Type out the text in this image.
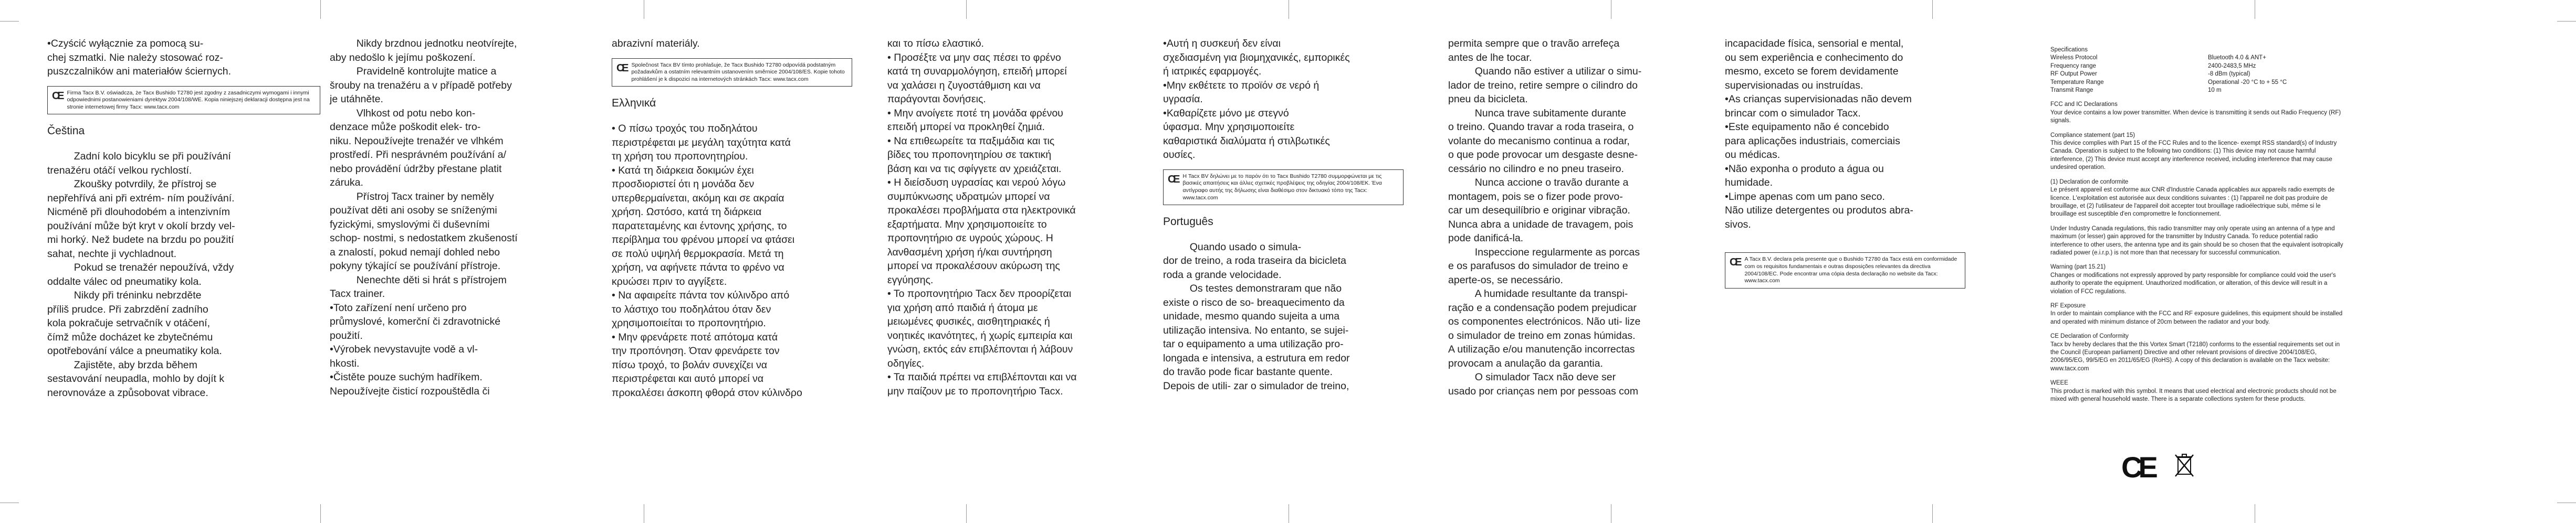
•Czyścić wyłącznie za pomocą su-

chej szmatki. Nie należy stosować roz-

puszczalników ani materiałów ściernych.

C E Firma Tacx B.V. oświadcza, że Tacx Bushido T2780 jest zgodny z zasadniczymi wymogami i innymi odpowiednimi postanowieniami dyrektyw 2004/108/WE. Kopia niniejszej deklaracji dostępna jest na stronie internetowej firmy Tacx: www.tacx.com
Čeština

Zadní kolo bicyklu se při používání

trenažéru otáčí velkou rychlostí.

Zkoušky potvrdily, že přístroj se

nepřehřívá ani při extrém- ním používání.

Nicméně při dlouhodobém a intenzivním

používání může být kryt v okolí brzdy vel-

mi horký. Než budete na brzdu po použití

sahat, nechte ji vychladnout.

Pokud se trenažér nepoužívá, vždy

oddalte válec od pneumatiky kola.

Nikdy při tréninku nebrzděte

příliš prudce. Při zabrzdění zadního

kola pokračuje setrvačník v otáčení,

čímž může docházet ke zbytečnému

opotřebování válce a pneumatiky kola.

Zajistěte, aby brzda během

sestavování neupadla, mohlo by dojít k

nerovnováze a způsobovat vibrace.

Nikdy brzdnou jednotku neotvírejte,

aby nedošlo k jejímu poškození.

Pravidelně kontrolujte matice a

šrouby na trenažéru a v případě potřeby

je utáhněte.

Vlhkost od potu nebo kon-

denzace může poškodit elek- tro-

niku. Nepoužívejte trenažér ve vlhkém

prostředí. Při nesprávném používání a/

nebo provádění údržby přestane platit

záruka.

Přístroj Tacx trainer by neměly

používat děti ani osoby se sníženými

fyzickými, smyslovými či duševními

schop- nostmi, s nedostatkem zkušeností

a znalostí, pokud nemají dohled nebo

pokyny týkající se používání přístroje.

Nenechte děti si hrát s přístrojem

Tacx trainer.

•Toto zařízení není určeno pro

průmyslové, komerční či zdravotnické

použití.

•Výrobek nevystavujte vodě a vl-

hkosti.

•Čistěte pouze suchým hadříkem.

Nepoužívejte čisticí rozpouštědla či

abrazivní materiály.

C E Společnost Tacx BV tímto prohlašuje, že Tacx Bushido T2780 odpovídá podstatným požadavkům a ostatním relevantním ustanovením směrnice 2004/108/ES. Kopie tohoto prohlášení je k dispozici na internetových stránkách Tacx: www.tacx.com
Ελληνικά

• Ο πίσω τροχός του ποδηλάτου

περιστρέφεται με μεγάλη ταχύτητα κατά

τη χρήση του προπονητηρίου.

• Κατά τη διάρκεια δοκιμών έχει

προσδιοριστεί ότι η μονάδα δεν

υπερθερμαίνεται, ακόμη και σε ακραία

χρήση. Ωστόσο, κατά τη διάρκεια

παρατεταμένης και έντονης χρήσης, το

περίβλημα του φρένου μπορεί να φτάσει

σε πολύ υψηλή θερμοκρασία. Μετά τη

χρήση, να αφήνετε πάντα το φρένο να

κρυώσει πριν το αγγίξετε.

• Να αφαιρείτε πάντα τον κύλινδρο από

το λάστιχο του ποδηλάτου όταν δεν

χρησιμοποιείται το προπονητήριο.

• Μην φρενάρετε ποτέ απότομα κατά

την προπόνηση. Όταν φρενάρετε τον

πίσω τροχό, το βολάν συνεχίζει να

περιστρέφεται και αυτό μπορεί να

προκαλέσει άσκοπη φθορά στον κύλινδρο

και το πίσω ελαστικό.

• Προσέξτε να μην σας πέσει το φρένο

κατά τη συναρμολόγηση, επειδή μπορεί

να χαλάσει η ζυγοστάθμιση και να

παράγονται δονήσεις.

• Μην ανοίγετε ποτέ τη μονάδα φρένου

επειδή μπορεί να προκληθεί ζημιά.

• Να επιθεωρείτε τα παξιμάδια και τις

βίδες του προπονητηρίου σε τακτική

βάση και να τις σφίγγετε αν χρειάζεται.

• Η διείσδυση υγρασίας και νερού λόγω

συμπύκνωσης υδρατμών μπορεί να

προκαλέσει προβλήματα στα ηλεκτρονικά

εξαρτήματα. Μην χρησιμοποιείτε το

προπονητήριο σε υγρούς χώρους. Η

λανθασμένη χρήση ή/και συντήρηση

μπορεί να προκαλέσουν ακύρωση της

εγγύησης.

• Το προπονητήριο Tacx δεν προορίζεται

για χρήση από παιδιά ή άτομα με

μειωμένες φυσικές, αισθητηριακές ή

νοητικές ικανότητες, ή χωρίς εμπειρία και

γνώση, εκτός εάν επιβλέπονται ή λάβουν

οδηγίες.

• Τα παιδιά πρέπει να επιβλέπονται και να

μην παίζουν με το προπονητήριο Tacx.

•Αυτή η συσκευή δεν είναι

σχεδιασμένη για βιομηχανικές, εμπορικές

ή ιατρικές εφαρμογές.

•Μην εκθέτετε το προϊόν σε νερό ή

υγρασία.

•Καθαρίζετε μόνο με στεγνό

ύφασμα. Μην χρησιμοποιείτε

καθαριστικά διαλύματα ή στιλβωτικές

ουσίες.

C E Η Tacx BV δηλώνει με το παρόν ότι το Tacx Bushido T2780 συμμορφώνεται με τις βασικές απαιτήσεις και άλλες σχετικές προβλέψεις της οδηγίας 2004/108/ΕΚ. Ένα αντίγραφο αυτής της δήλωσης είναι διαθέσιμο στον δικτυακό τόπο της Tacx: www.tacx.com
Português

Quando usado o simula-

dor de treino, a roda traseira da bicicleta

roda a grande velocidade.

Os testes demonstraram que não

existe o risco de so- breaquecimento da

unidade, mesmo quando sujeita a uma

utilização intensiva. No entanto, se sujei-

tar o equipamento a uma utilização pro-

longada e intensiva, a estrutura em redor

do travão pode ficar bastante quente.

Depois de utili- zar o simulador de treino,

permita sempre que o travão arrefeça

antes de lhe tocar.

Quando não estiver a utilizar o simu-

lador de treino, retire sempre o cilindro do

pneu da bicicleta.

Nunca trave subitamente durante

o treino. Quando travar a roda traseira, o

volante do mecanismo continua a rodar,

o que pode provocar um desgaste desne-

cessário no cilindro e no pneu traseiro.

Nunca accione o travão durante a

montagem, pois se o fizer pode provo-

car um desequilíbrio e originar vibração.

Nunca abra a unidade de travagem, pois

pode danificá-la.

Inspeccione regularmente as porcas

e os parafusos do simulador de treino e

aperte-os, se necessário.

A humidade resultante da transpi-

ração e a condensação podem prejudicar

os componentes electrónicos. Não uti- lize

o simulador de treino em zonas húmidas.

A utilização e/ou manutenção incorrectas

provocam a anulação da garantia.

O simulador Tacx não deve ser

usado por crianças nem por pessoas com

incapacidade física, sensorial e mental,

ou sem experiência e conhecimento do

mesmo, exceto se forem devidamente

supervisionadas ou instruídas.

•As crianças supervisionadas não devem

brincar com o simulador Tacx.

•Este equipamento não é concebido

para aplicações industriais, comerciais

ou médicas.

•Não exponha o produto a água ou

humidade.

•Limpe apenas com um pano seco.

Não utilize detergentes ou produtos abra-

sivos.

C E A Tacx B.V. declara pela presente que o Bushido T2780 da Tacx está em conformidade com os requisitos fundamentais e outras disposições relevantes da directiva 2004/108/EC. Pode encontrar uma cópia desta declaração no website da Tacx: www.tacx.com

Specifications

Wireless Protocol	Bluetooth 4.0 & ANT+
Frequency range	2400-2483,5 MHz
RF Output Power	-8 dBm (typical)
Temperature Range	Operational -20 °C to + 55 °C
Transmit Range	10 m

FCC and IC Declarations

Your device contains a low power transmitter. When device is transmitting it sends out Radio Frequency (RF) signals.

Compliance statement (part 15)

This device complies with Part 15 of the FCC Rules and to the licence- exempt RSS standard(s) of Industry Canada. Operation is subject to the following two conditions: (1) This device may not cause harmful interference, (2) This device must accept any interference received, including interference that may cause undesired operation.

(1) Declaration de conformite

Le présent appareil est conforme aux CNR d'Industrie Canada applicables aux appareils radio exempts de licence. L'exploitation est autorisée aux deux conditions suivantes : (1) l'appareil ne doit pas produire de brouillage, et (2) l'utilisateur de l'appareil doit accepter tout brouillage radioélectrique subi, même si le brouillage est susceptible d'en compromettre le fonctionnement.

Under Industry Canada regulations, this radio transmitter may only operate using an antenna of a type and maximum (or lesser) gain approved for the transmitter by Industry Canada. To reduce potential radio interference to other users, the antenna type and its gain should be so chosen that the equivalent isotropically radiated power (e.i.r.p.) is not more than that necessary for successful communication.

Warning (part 15.21)

Changes or modifications not expressly approved by party responsible for compliance could void the user's authority to operate the equipment. Unauthorized modification, or alteration, of this device will result in a violation of FCC regulations.

RF Exposure

In order to maintain compliance with the FCC and RF exposure guidelines, this equipment should be installed and operated with minimum distance of 20cm between the radiator and your body.

CE Declaration of Conformity

Tacx bv hereby declares that the this Vortex Smart (T2180) conforms to the essential requirements set out in the Council (European parliament) Directive and other relevant provisions of directive 2004/108/EG, 2006/95/EG, 99/5/EG en 2011/65/EG (RoHS). A copy of this declaration is available on the Tacx website: www.tacx.com

WEEE

This product is marked with this symbol. It means that used electrical and electronic products should not be mixed with general household waste. There is a separate collections system for these products.

CE
